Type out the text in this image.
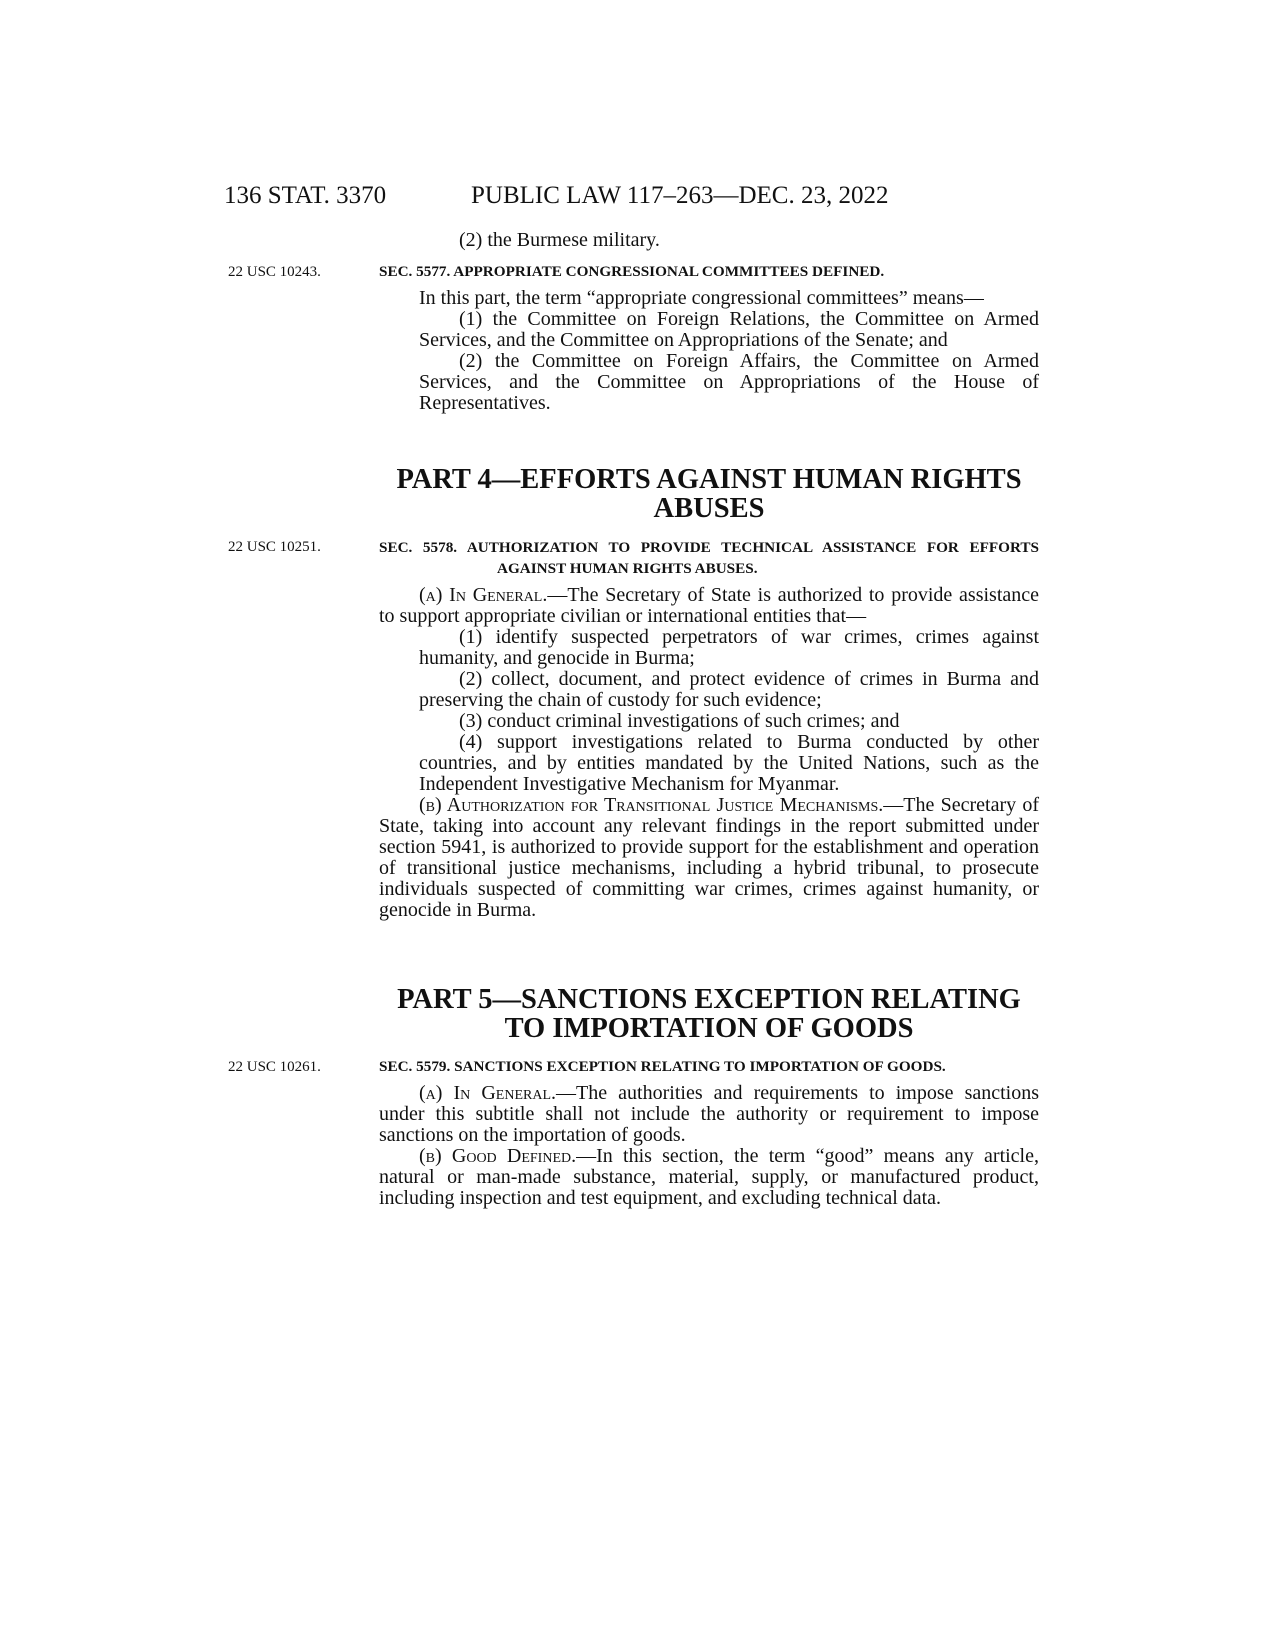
136 STAT. 3370	PUBLIC LAW 117–263—DEC. 23, 2022
22 USC 10243.
22 USC 10251.
22 USC 10261.

(2) the Burmese military.

SEC. 5577. APPROPRIATE CONGRESSIONAL COMMITTEES DEFINED.

In this part, the term “appropriate congressional committees” means—

(1) the Committee on Foreign Relations, the Committee on Armed Services, and the Committee on Appropriations of the Senate; and

(2) the Committee on Foreign Affairs, the Committee on Armed Services, and the Committee on Appropriations of the House of Representatives.

PART 4—EFFORTS AGAINST HUMAN RIGHTS

ABUSES

SEC. 5578. AUTHORIZATION TO PROVIDE TECHNICAL ASSISTANCE FOR EFFORTS AGAINST HUMAN RIGHTS ABUSES.

(a) In General.—The Secretary of State is authorized to provide assistance to support appropriate civilian or international entities that—

(1) identify suspected perpetrators of war crimes, crimes against humanity, and genocide in Burma;

(2) collect, document, and protect evidence of crimes in Burma and preserving the chain of custody for such evidence;

(3) conduct criminal investigations of such crimes; and

(4) support investigations related to Burma conducted by other countries, and by entities mandated by the United Nations, such as the Independent Investigative Mechanism for Myanmar.

(b) Authorization for Transitional Justice Mechanisms.—The Secretary of State, taking into account any relevant findings in the report submitted under section 5941, is authorized to provide support for the establishment and operation of transitional justice mechanisms, including a hybrid tribunal, to prosecute individuals suspected of committing war crimes, crimes against humanity, or genocide in Burma.

PART 5—SANCTIONS EXCEPTION RELATING

TO IMPORTATION OF GOODS

SEC. 5579. SANCTIONS EXCEPTION RELATING TO IMPORTATION OF GOODS.

(a) In General.—The authorities and requirements to impose sanctions under this subtitle shall not include the authority or requirement to impose sanctions on the importation of goods.

(b) Good Defined.—In this section, the term “good” means any article, natural or man-made substance, material, supply, or manufactured product, including inspection and test equipment, and excluding technical data.
